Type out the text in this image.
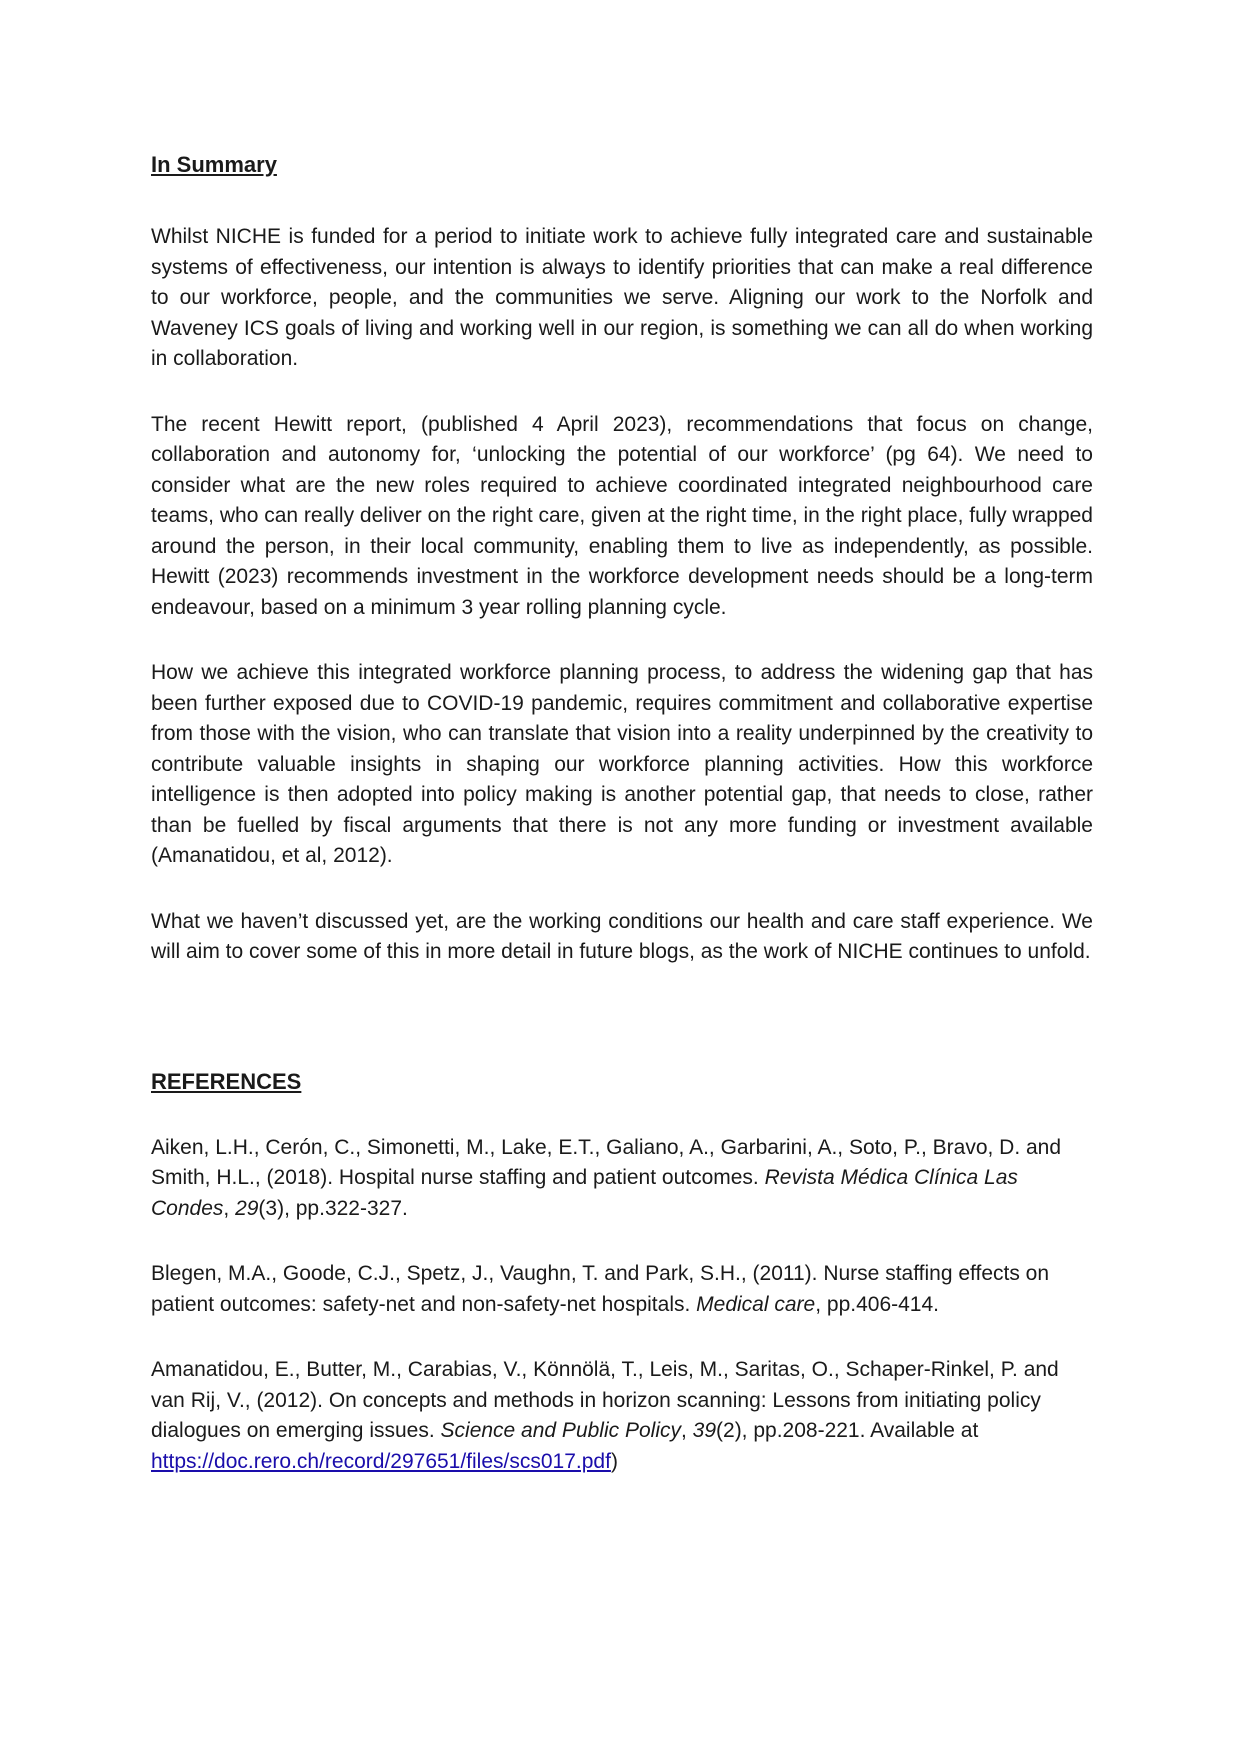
In Summary

Whilst NICHE is funded for a period to initiate work to achieve fully integrated care and sustainable systems of effectiveness, our intention is always to identify priorities that can make a real difference to our workforce, people, and the communities we serve. Aligning our work to the Norfolk and Waveney ICS goals of living and working well in our region, is something we can all do when working in collaboration.

The recent Hewitt report, (published 4 April 2023), recommendations that focus on change, collaboration and autonomy for, ‘unlocking the potential of our workforce’ (pg 64). We need to consider what are the new roles required to achieve coordinated integrated neighbourhood care teams, who can really deliver on the right care, given at the right time, in the right place, fully wrapped around the person, in their local community, enabling them to live as independently, as possible. Hewitt (2023) recommends investment in the workforce development needs should be a long-term endeavour, based on a minimum 3 year rolling planning cycle.

How we achieve this integrated workforce planning process, to address the widening gap that has been further exposed due to COVID-19 pandemic, requires commitment and collaborative expertise from those with the vision, who can translate that vision into a reality underpinned by the creativity to contribute valuable insights in shaping our workforce planning activities. How this workforce intelligence is then adopted into policy making is another potential gap, that needs to close, rather than be fuelled by fiscal arguments that there is not any more funding or investment available (Amanatidou, et al, 2012).

What we haven’t discussed yet, are the working conditions our health and care staff experience. We will aim to cover some of this in more detail in future blogs, as the work of NICHE continues to unfold.

REFERENCES

Aiken, L.H., Cerón, C., Simonetti, M., Lake, E.T., Galiano, A., Garbarini, A., Soto, P., Bravo, D. and Smith, H.L., (2018). Hospital nurse staffing and patient outcomes. Revista Médica Clínica Las Condes, 29(3), pp.322-327.

Blegen, M.A., Goode, C.J., Spetz, J., Vaughn, T. and Park, S.H., (2011). Nurse staffing effects on patient outcomes: safety-net and non-safety-net hospitals. Medical care, pp.406-414.

Amanatidou, E., Butter, M., Carabias, V., Könnölä, T., Leis, M., Saritas, O., Schaper-Rinkel, P. and van Rij, V., (2012). On concepts and methods in horizon scanning: Lessons from initiating policy dialogues on emerging issues. Science and Public Policy, 39(2), pp.208-221. Available at https://doc.rero.ch/record/297651/files/scs017.pdf)
